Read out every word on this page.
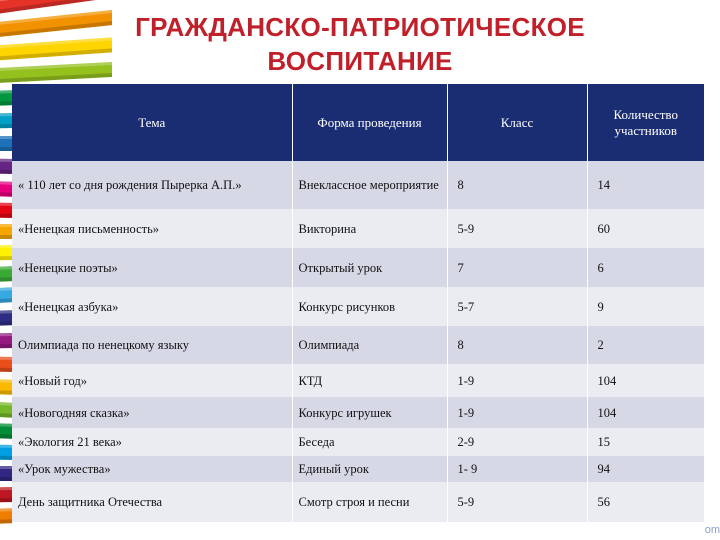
ГРАЖДАНСКО-ПАТРИОТИЧЕСКОЕ

ВОСПИТАНИЕ

Тема	Форма проведения	Класс	Количество участников
« 110 лет со дня рождения Пырерка А.П.»	Внеклассное мероприятие	8	14
«Ненецкая письменность»	Викторина	5-9	60
«Ненецкие поэты»	Открытый урок	7	6
«Ненецкая азбука»	Конкурс рисунков	5-7	9
Олимпиада по ненецкому языку	Олимпиада	8	2
«Новый год»	КТД	1-9	104
«Новогодняя сказка»	Конкурс игрушек	1-9	104
«Экология 21 века»	Беседа	2-9	15
«Урок мужества»	Единый урок	1- 9	94
День защитника Отечества	Смотр строя и песни	5-9	56
om
